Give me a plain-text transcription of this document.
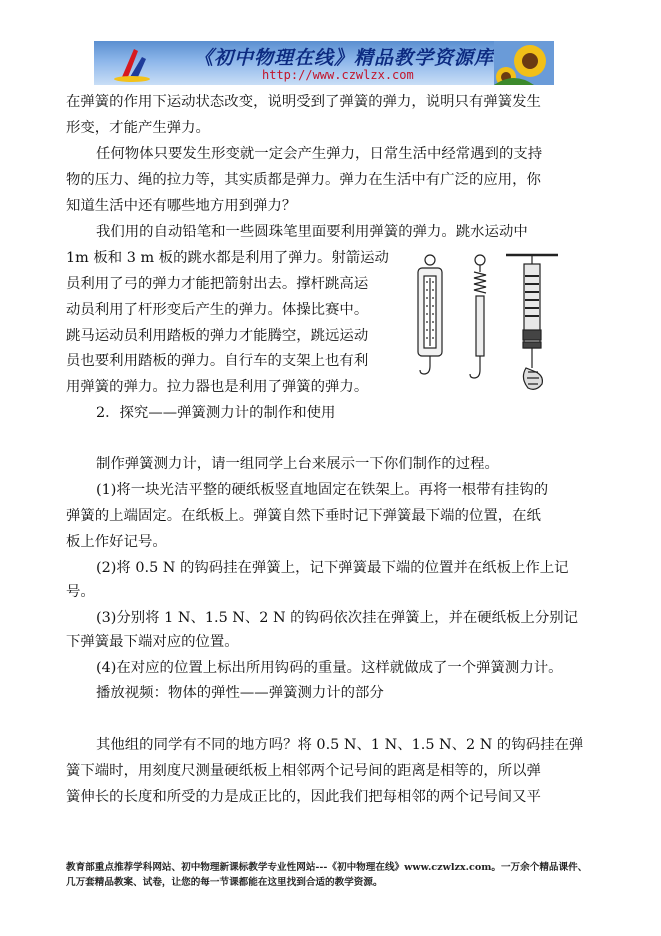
《初中物理在线》精品教学资源库
http://www.czwlzx.com
在弹簧的作用下运动状态改变，说明受到了弹簧的弹力，说明只有弹簧发生
形变，才能产生弹力。
任何物体只要发生形变就一定会产生弹力，日常生活中经常遇到的支持
物的压力、绳的拉力等，其实质都是弹力。弹力在生活中有广泛的应用，你
知道生活中还有哪些地方用到弹力？
我们用的自动铅笔和一些圆珠笔里面要利用弹簧的弹力。跳水运动中
1m 板和 3 m 板的跳水都是利用了弹力。射箭运动
员利用了弓的弹力才能把箭射出去。撑杆跳高运
动员利用了杆形变后产生的弹力。体操比赛中。
跳马运动员利用踏板的弹力才能腾空，跳远运动
员也要利用踏板的弹力。自行车的支架上也有利
用弹簧的弹力。拉力器也是利用了弹簧的弹力。
2．探究——弹簧测力计的制作和使用
制作弹簧测力计，请一组同学上台来展示一下你们制作的过程。
(1)将一块光洁平整的硬纸板竖直地固定在铁架上。再将一根带有挂钩的
弹簧的上端固定。在纸板上。弹簧自然下垂时记下弹簧最下端的位置，在纸
板上作好记号。
(2)将 0.5 N 的钩码挂在弹簧上，记下弹簧最下端的位置并在纸板上作上记
号。
(3)分别将 1 N、1.5 N、2 N 的钩码依次挂在弹簧上，并在硬纸板上分别记
下弹簧最下端对应的位置。
(4)在对应的位置上标出所用钩码的重量。这样就做成了一个弹簧测力计。
播放视频：物体的弹性——弹簧测力计的部分
其他组的同学有不同的地方吗？将 0.5 N、1 N、1.5 N、2 N 的钩码挂在弹
簧下端时，用刻度尺测量硬纸板上相邻两个记号间的距离是相等的，所以弹
簧伸长的长度和所受的力是成正比的，因此我们把每相邻的两个记号间又平
教育部重点推荐学科网站、初中物理新课标教学专业性网站---《初中物理在线》www.czwlzx.com。一万余个精品课件、
几万套精品教案、试卷，让您的每一节课都能在这里找到合适的教学资源。
